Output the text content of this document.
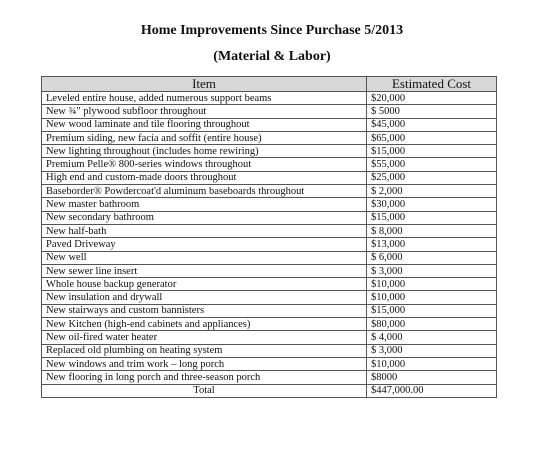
Home Improvements Since Purchase 5/2013
(Material & Labor)
Item	Estimated Cost
Leveled entire house, added numerous support beams	$20,000
New ¾" plywood subfloor throughout	$ 5000
New wood laminate and tile flooring throughout	$45,000
Premium siding, new facia and soffit (entire house)	$65,000
New lighting throughout (includes home rewiring)	$15,000
Premium Pelle® 800-series windows throughout	$55,000
High end and custom-made doors throughout	$25,000
Baseborder® Powdercoat'd aluminum baseboards throughout	$ 2,000
New master bathroom	$30,000
New secondary bathroom	$15,000
New half-bath	$ 8,000
Paved Driveway	$13,000
New well	$ 6,000
New sewer line insert	$ 3,000
Whole house backup generator	$10,000
New insulation and drywall	$10,000
New stairways and custom bannisters	$15,000
New Kitchen (high-end cabinets and appliances)	$80,000
New oil-fired water heater	$ 4,000
Replaced old plumbing on heating system	$ 3,000
New windows and trim work – long porch	$10,000
New flooring in long porch and three-season porch	$8000
Total	$447,000.00
